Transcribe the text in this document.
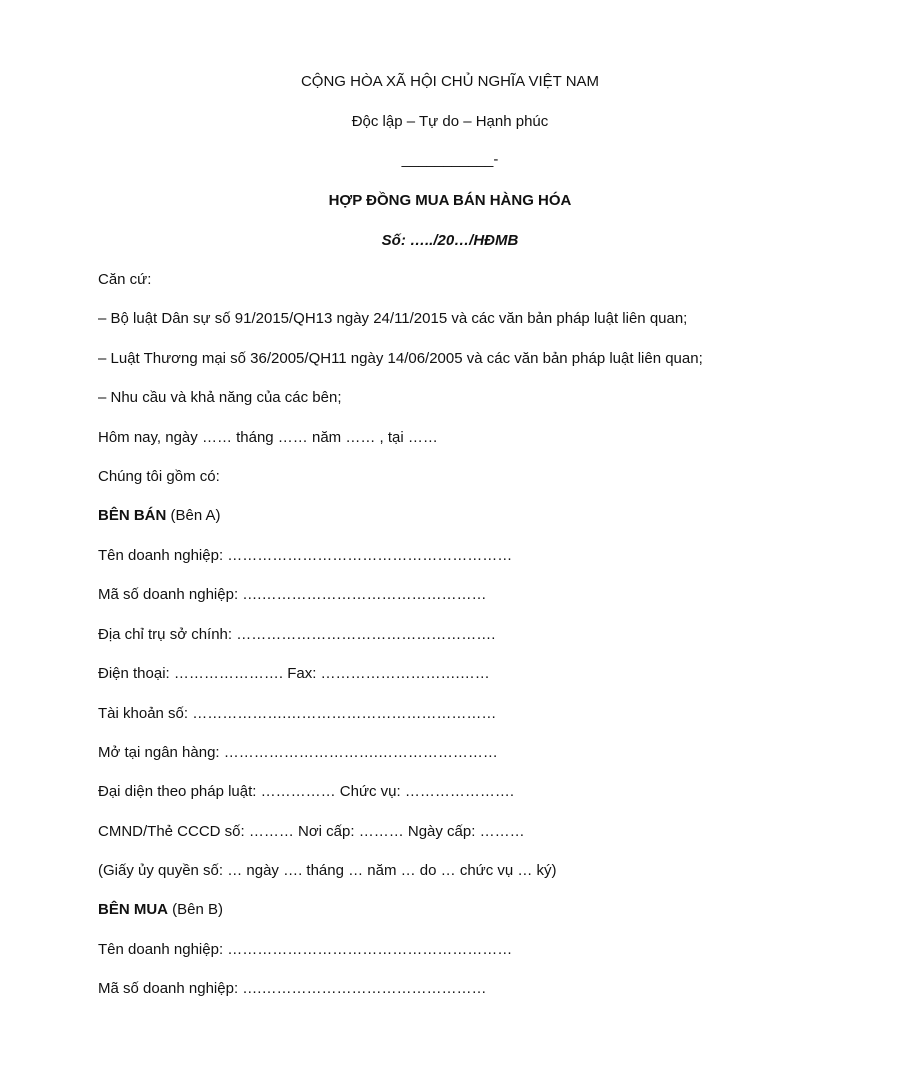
CỘNG HÒA XÃ HỘI CHỦ NGHĨA VIỆT NAM
Độc lập – Tự do – Hạnh phúc
___________-
HỢP ĐỒNG MUA BÁN HÀNG HÓA
Số: …../20…/HĐMB
Căn cứ:
– Bộ luật Dân sự số 91/2015/QH13 ngày 24/11/2015 và các văn bản pháp luật liên quan;
– Luật Thương mại số 36/2005/QH11 ngày 14/06/2005 và các văn bản pháp luật liên quan;
– Nhu cầu và khả năng của các bên;
Hôm nay, ngày …… tháng …… năm …… , tại ……
Chúng tôi gồm có:
BÊN BÁN (Bên A)
Tên doanh nghiệp: …………………………………………………
Mã số doanh nghiệp: ….………………………………………
Địa chỉ trụ sở chính: …………………………………………….
Điện thoại: …………………. Fax: ……………………….……
Tài khoản số: ……………….……………………………………
Mở tại ngân hàng: ………………………….……………………
Đại diện theo pháp luật: …………… Chức vụ: ………………….
CMND/Thẻ CCCD số: ……… Nơi cấp: ……… Ngày cấp: ………
(Giấy ủy quyền số: … ngày …. tháng … năm … do … chức vụ … ký)
BÊN MUA (Bên B)
Tên doanh nghiệp: …………………………………………………
Mã số doanh nghiệp: ….………………………………………
